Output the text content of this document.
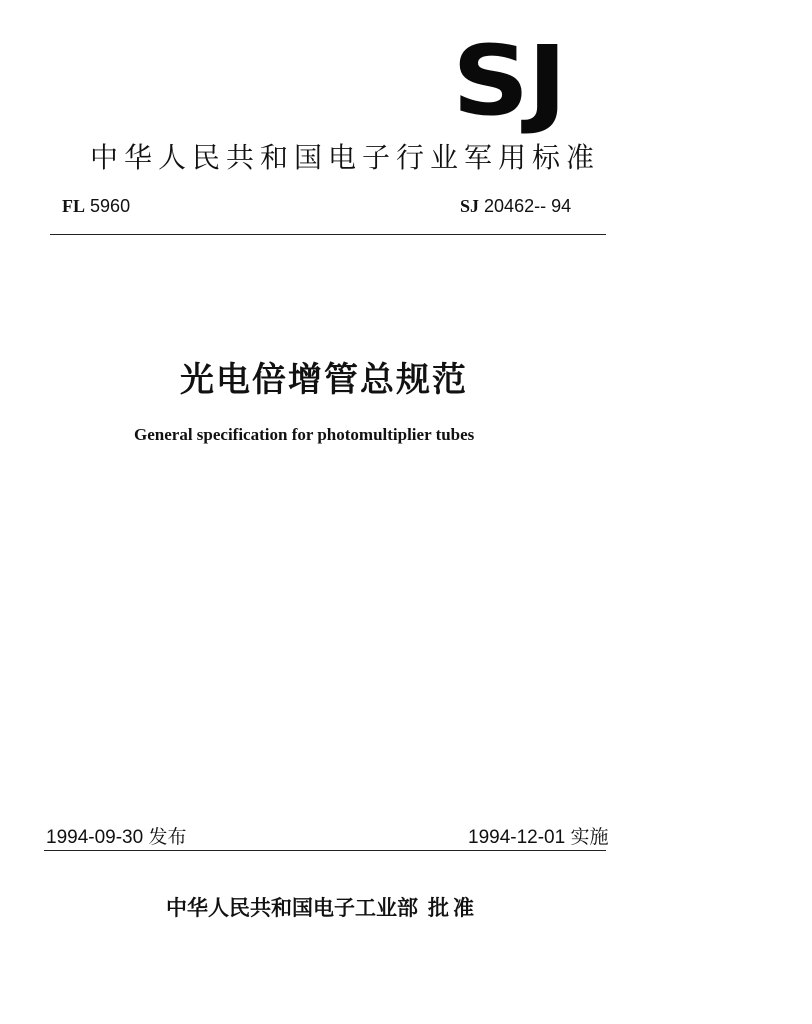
SJ
中华人民共和国电子行业军用标准
FL 5960	SJ 20462-- 94
光电倍增管总规范
General specification for photomultiplier tubes
1994-09-30 发布	1994-12-01 实施
中华人民共和国电子工业部 批准
